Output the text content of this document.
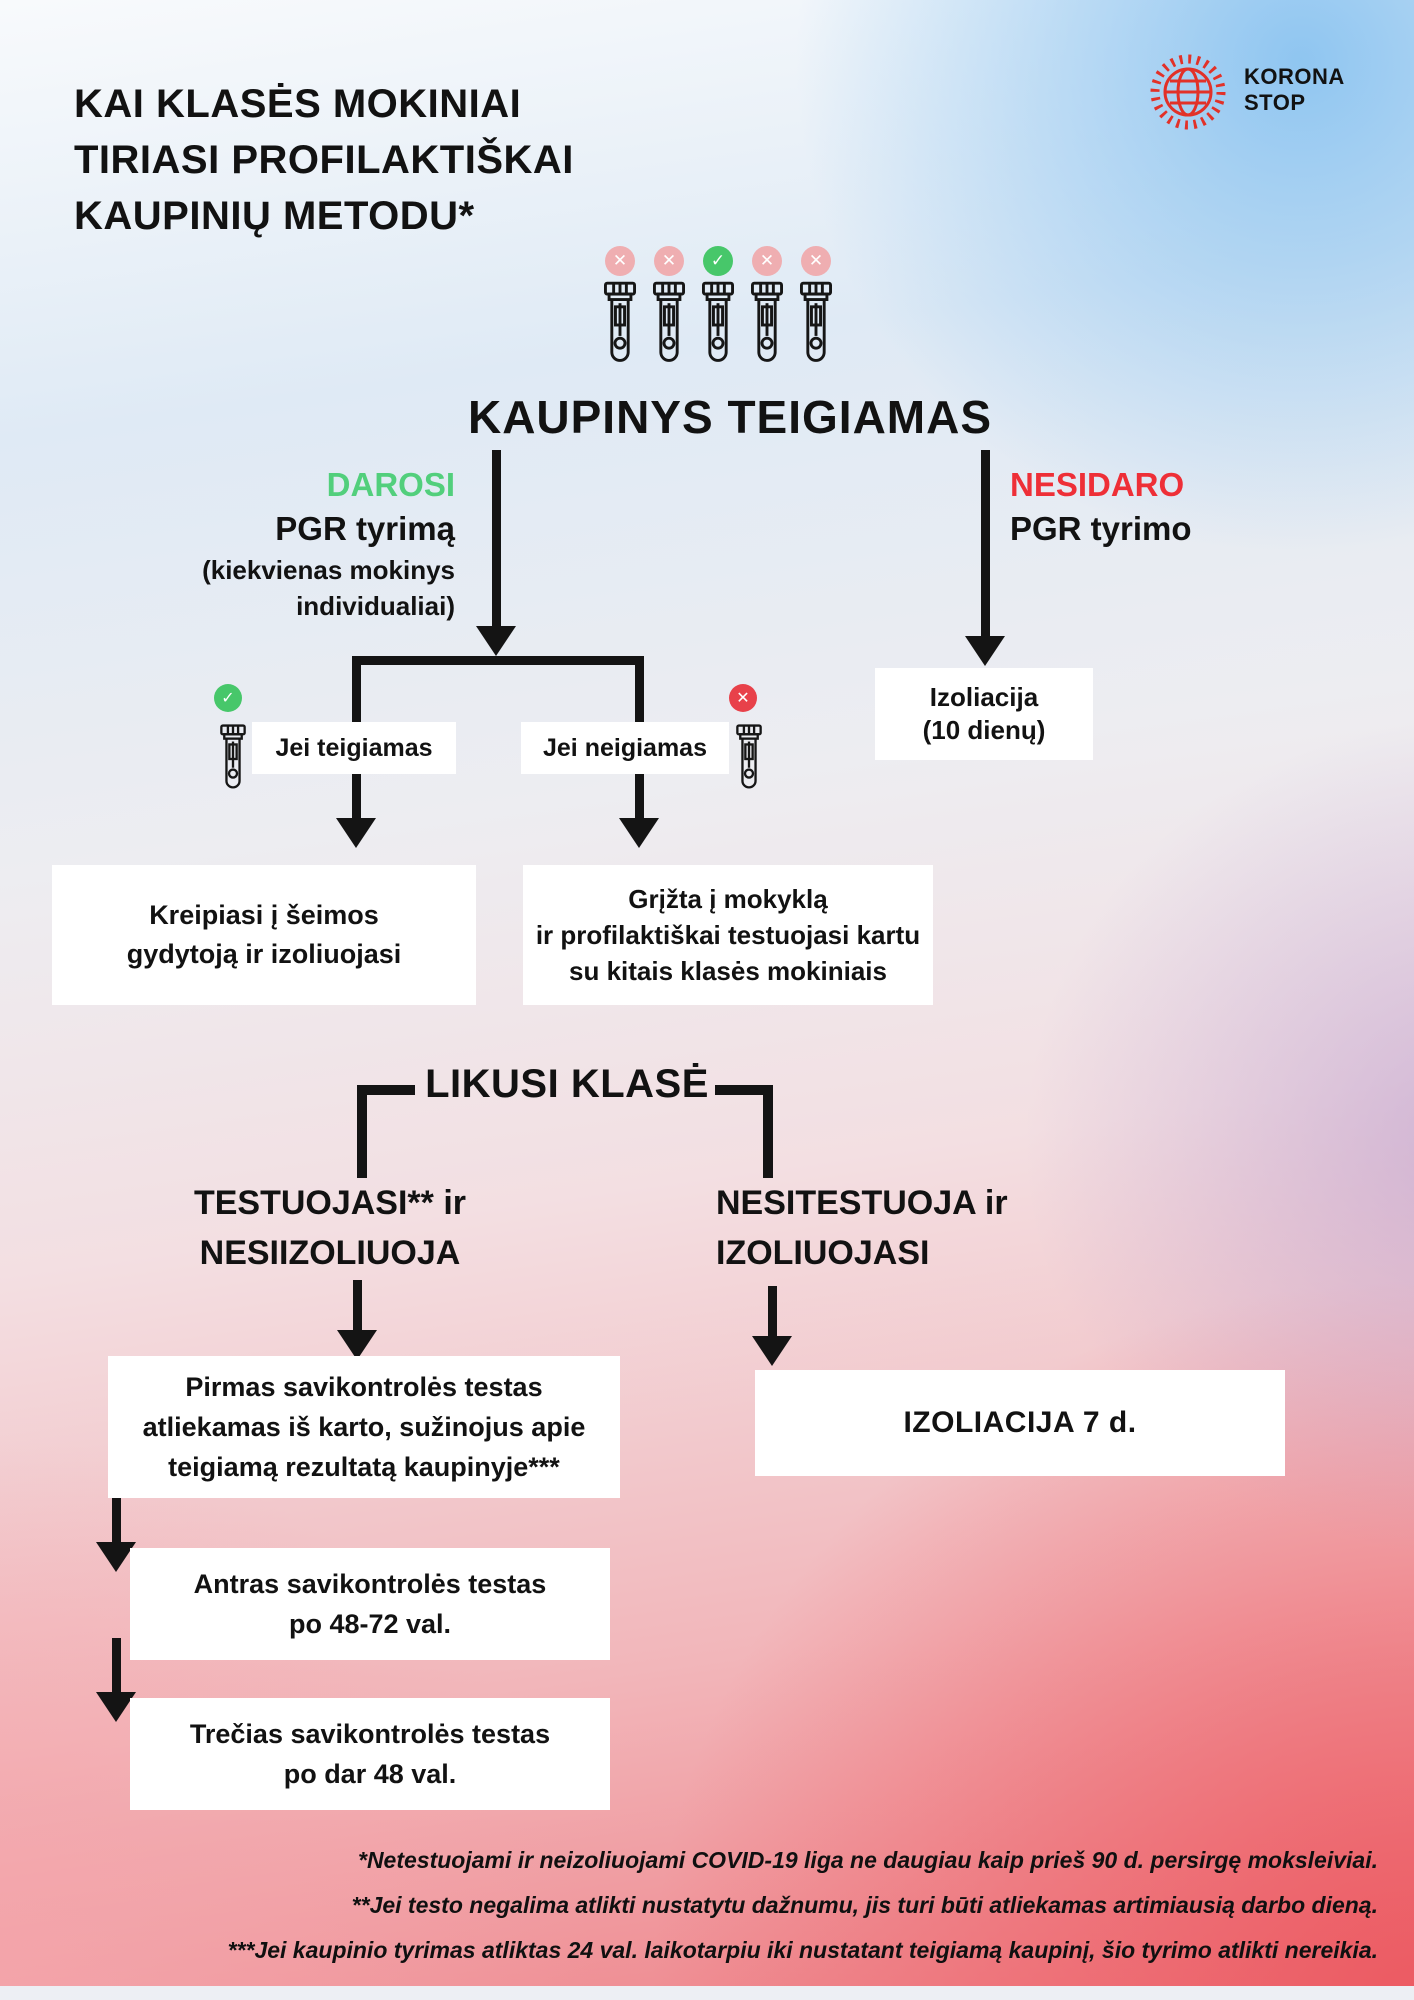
KAI KLASĖS MOKINIAI
TIRIASI PROFILAKTIŠKAI
KAUPINIŲ METODU*
KORONA
STOP
✕	✕	✓	✕	✕
KAUPINYS TEIGIAMAS
DAROSI
PGR tyrimą
(kiekvienas mokinys
individualiai)
NESIDARO
PGR tyrimo
✓	✕
Jei teigiamas	Jei neigiamas
Izoliacija
(10 dienų)
Kreipiasi į šeimos
gydytoją ir izoliuojasi
Grįžta į mokyklą
ir profilaktiškai testuojasi kartu
su kitais klasės mokiniais
LIKUSI KLASĖ
TESTUOJASI** ir
NESIIZOLIUOJA
NESITESTUOJA ir
IZOLIUOJASI
Pirmas savikontrolės testas
atliekamas iš karto, sužinojus apie
teigiamą rezultatą kaupinyje***
IZOLIACIJA 7 d.
Antras savikontrolės testas
po 48-72 val.
Trečias savikontrolės testas
po dar 48 val.
*Netestuojami ir neizoliuojami COVID-19 liga ne daugiau kaip prieš 90 d. persirgę moksleiviai.
**Jei testo negalima atlikti nustatytu dažnumu, jis turi būti atliekamas artimiausią darbo dieną.
***Jei kaupinio tyrimas atliktas 24 val. laikotarpiu iki nustatant teigiamą kaupinį, šio tyrimo atlikti nereikia.
